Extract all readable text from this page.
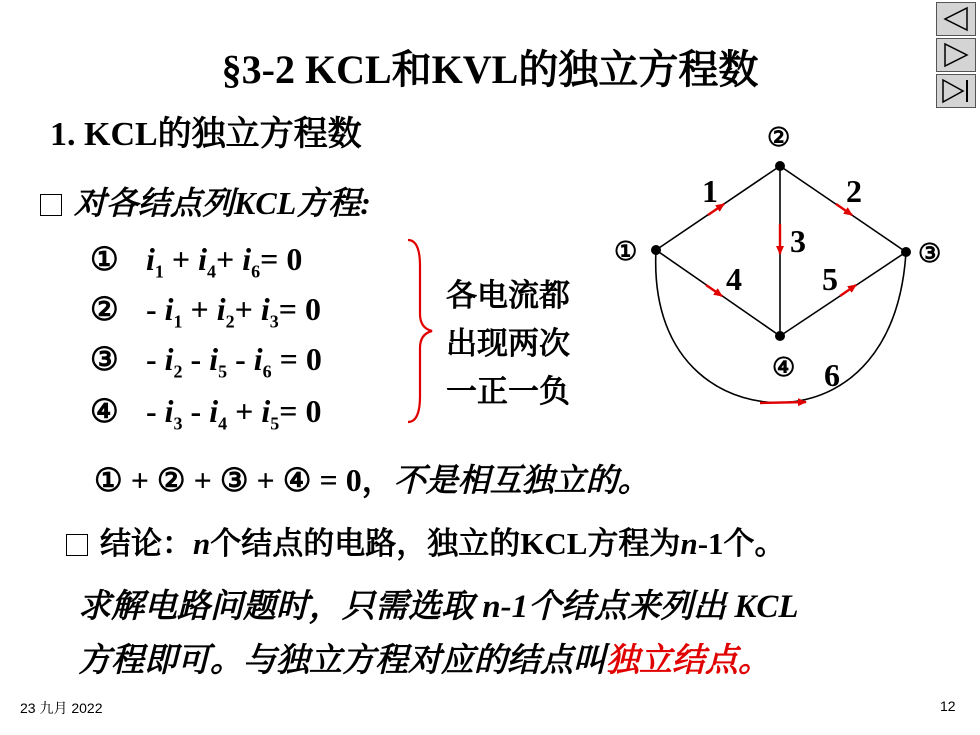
§3-2 KCL和KVL的独立方程数
1. KCL的独立方程数
对各结点列KCL方程:
① $i_1 + i_4+ i_6= 0$
② - $i_1 + i_2+ i_3= 0$
③ - $i_2 - i_5 - i_6 = 0$
④ - $i_3 - i_4 + i_5= 0$
各电流都
出现两次
一正一负
① + ② + ③ + ④ = 0，不是相互独立的。
结论：n个结点的电路，独立的KCL方程为n-1个。
求解电路问题时，只需选取 n-1个结点来列出 KCL
方程即可。与独立方程对应的结点叫独立结点。
①
②
③
④
1	2
3
4	5
6
23 九月 2022	12
